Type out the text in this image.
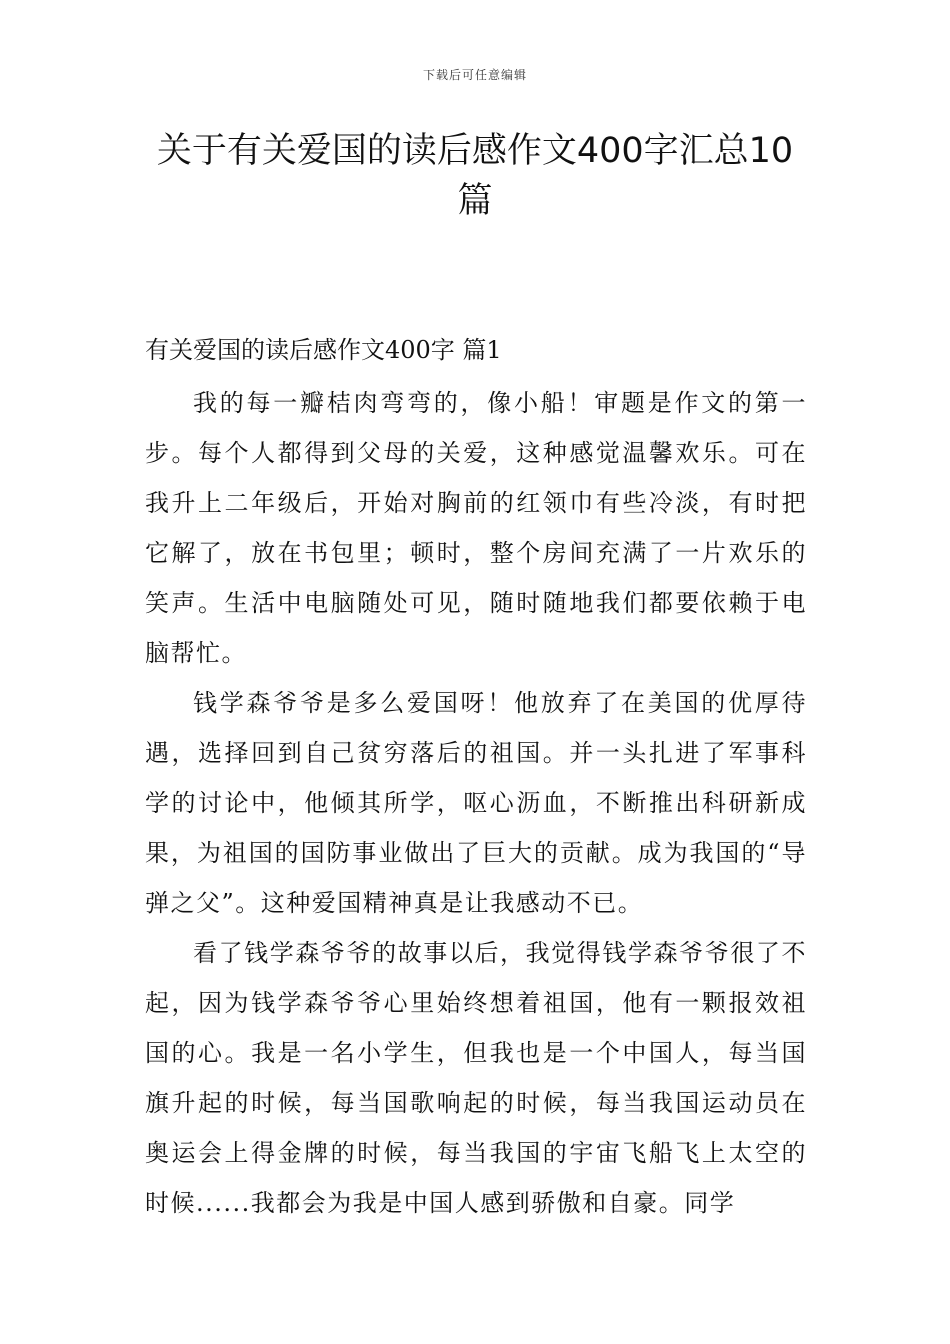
下载后可任意编辑
关于有关爱国的读后感作文400字汇总10篇
有关爱国的读后感作文400字 篇1

我的每一瓣桔肉弯弯的，像小船！审题是作文的第一步。每个人都得到父母的关爱，这种感觉温馨欢乐。可在我升上二年级后，开始对胸前的红领巾有些冷淡，有时把它解了，放在书包里；顿时，整个房间充满了一片欢乐的笑声。生活中电脑随处可见，随时随地我们都要依赖于电脑帮忙。

钱学森爷爷是多么爱国呀！他放弃了在美国的优厚待遇，选择回到自己贫穷落后的祖国。并一头扎进了军事科学的讨论中，他倾其所学，呕心沥血，不断推出科研新成果，为祖国的国防事业做出了巨大的贡献。成为我国的“导弹之父”。这种爱国精神真是让我感动不已。

看了钱学森爷爷的故事以后，我觉得钱学森爷爷很了不起，因为钱学森爷爷心里始终想着祖国，他有一颗报效祖国的心。我是一名小学生，但我也是一个中国人，每当国旗升起的时候，每当国歌响起的时候，每当我国运动员在奥运会上得金牌的时候，每当我国的宇宙飞船飞上太空的时候......我都会为我是中国人感到骄傲和自豪。同学
